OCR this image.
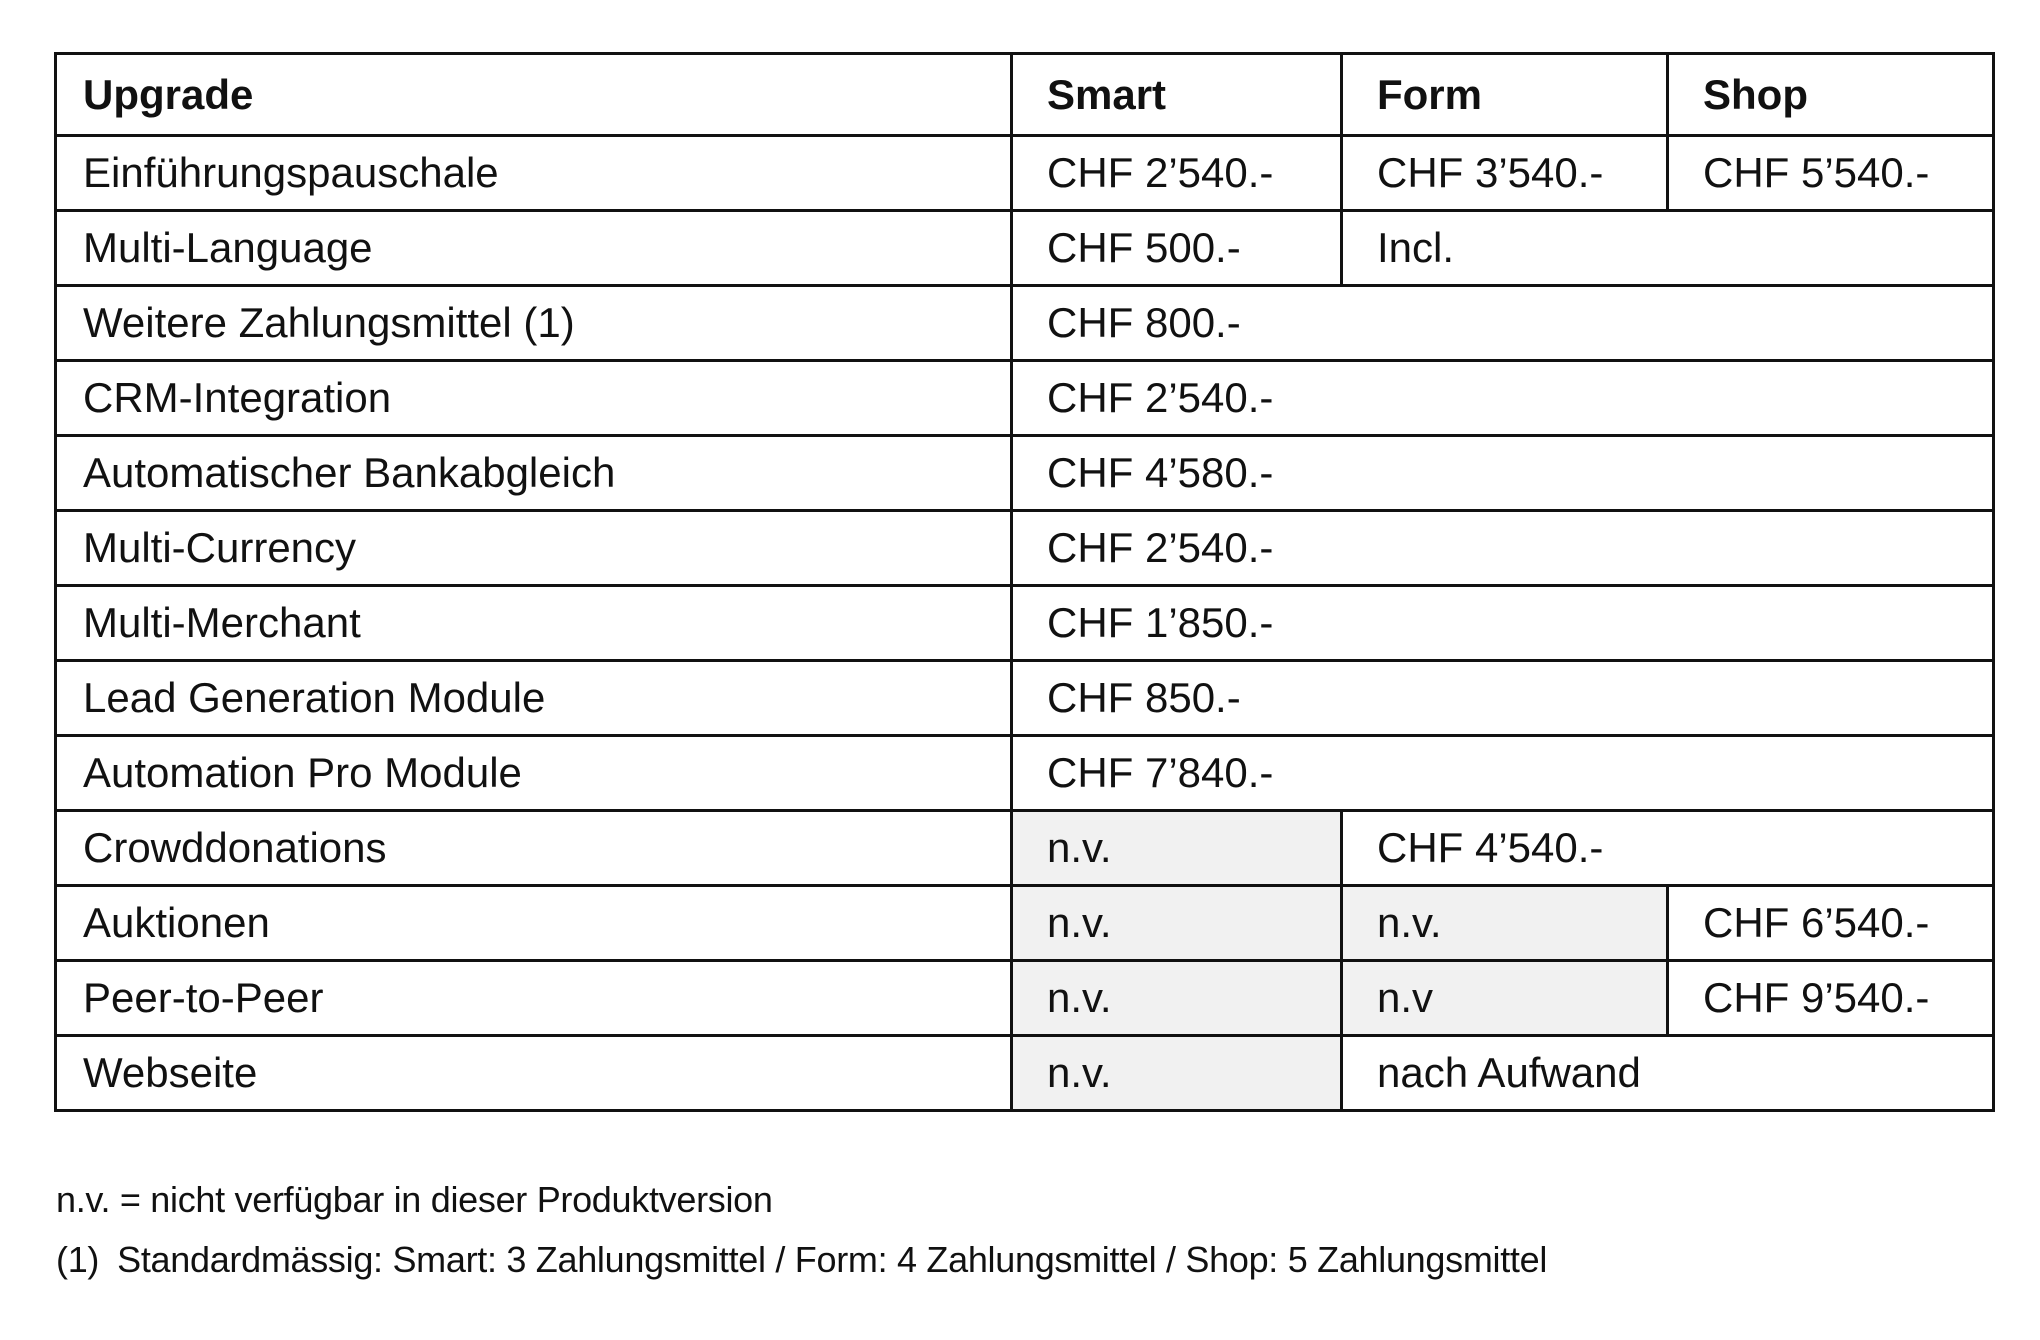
Upgrade	Smart	Form	Shop
Einführungspauschale	CHF 2’540.-	CHF 3’540.-	CHF 5’540.-
Multi-Language	CHF 500.-	Incl.	
Weitere Zahlungsmittel (1)	CHF 800.-		
CRM-Integration	CHF 2’540.-		
Automatischer Bankabgleich	CHF 4’580.-		
Multi-Currency	CHF 2’540.-		
Multi-Merchant	CHF 1’850.-		
Lead Generation Module	CHF 850.-		
Automation Pro Module	CHF 7’840.-		
Crowddonations	n.v.	CHF 4’540.-	
Auktionen	n.v.	n.v.	CHF 6’540.-
Peer-to-Peer	n.v.	n.v	CHF 9’540.-
Webseite	n.v.	nach Aufwand	
n.v. = nicht verfügbar in dieser Produktversion
(1) Standardmässig: Smart: 3 Zahlungsmittel / Form: 4 Zahlungsmittel / Shop: 5 Zahlungsmittel
